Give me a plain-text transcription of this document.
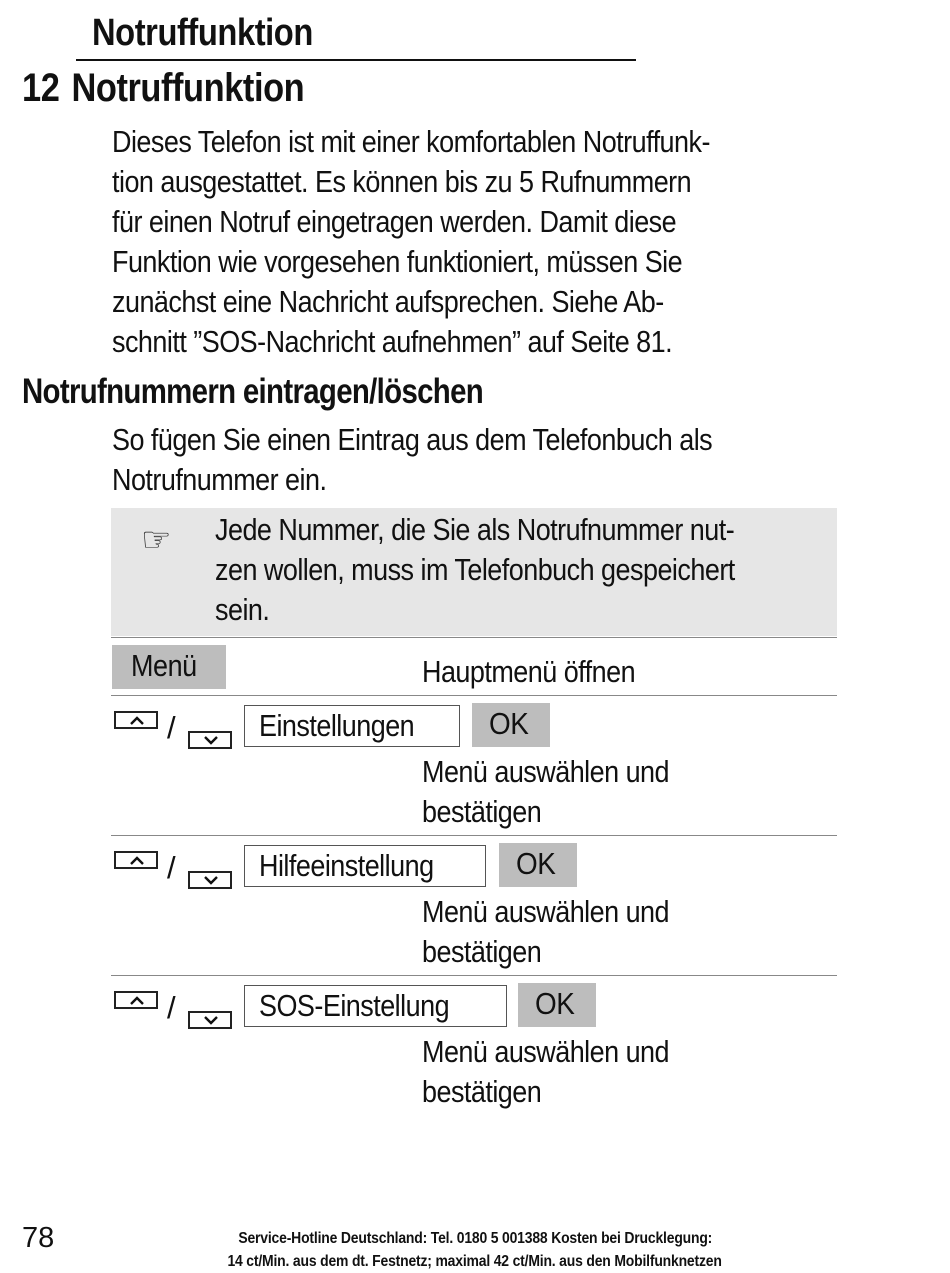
Notruffunktion
12 Notruffunktion
Dieses Telefon ist mit einer komfortablen Notruffunk-
tion ausgestattet. Es können bis zu 5 Rufnummern
für einen Notruf eingetragen werden. Damit diese
Funktion wie vorgesehen funktioniert, müssen Sie
zunächst eine Nachricht aufsprechen. Siehe Ab-
schnitt ”SOS-Nachricht aufnehmen” auf Seite 81.
Notrufnummern eintragen/löschen
So fügen Sie einen Eintrag aus dem Telefonbuch als
Notrufnummer ein.
☞ Jede Nummer, die Sie als Notrufnummer nut-
zen wollen, muss im Telefonbuch gespeichert
sein.
Menü	Hauptmenü öffnen
/	Einstellungen	OK
Menü auswählen und
bestätigen
/	Hilfeeinstellung	OK
Menü auswählen und
bestätigen
/	SOS-Einstellung	OK
Menü auswählen und
bestätigen
78	Service-Hotline Deutschland: Tel. 0180 5 001388 Kosten bei Drucklegung:
14 ct/Min. aus dem dt. Festnetz; maximal 42 ct/Min. aus den Mobilfunknetzen
